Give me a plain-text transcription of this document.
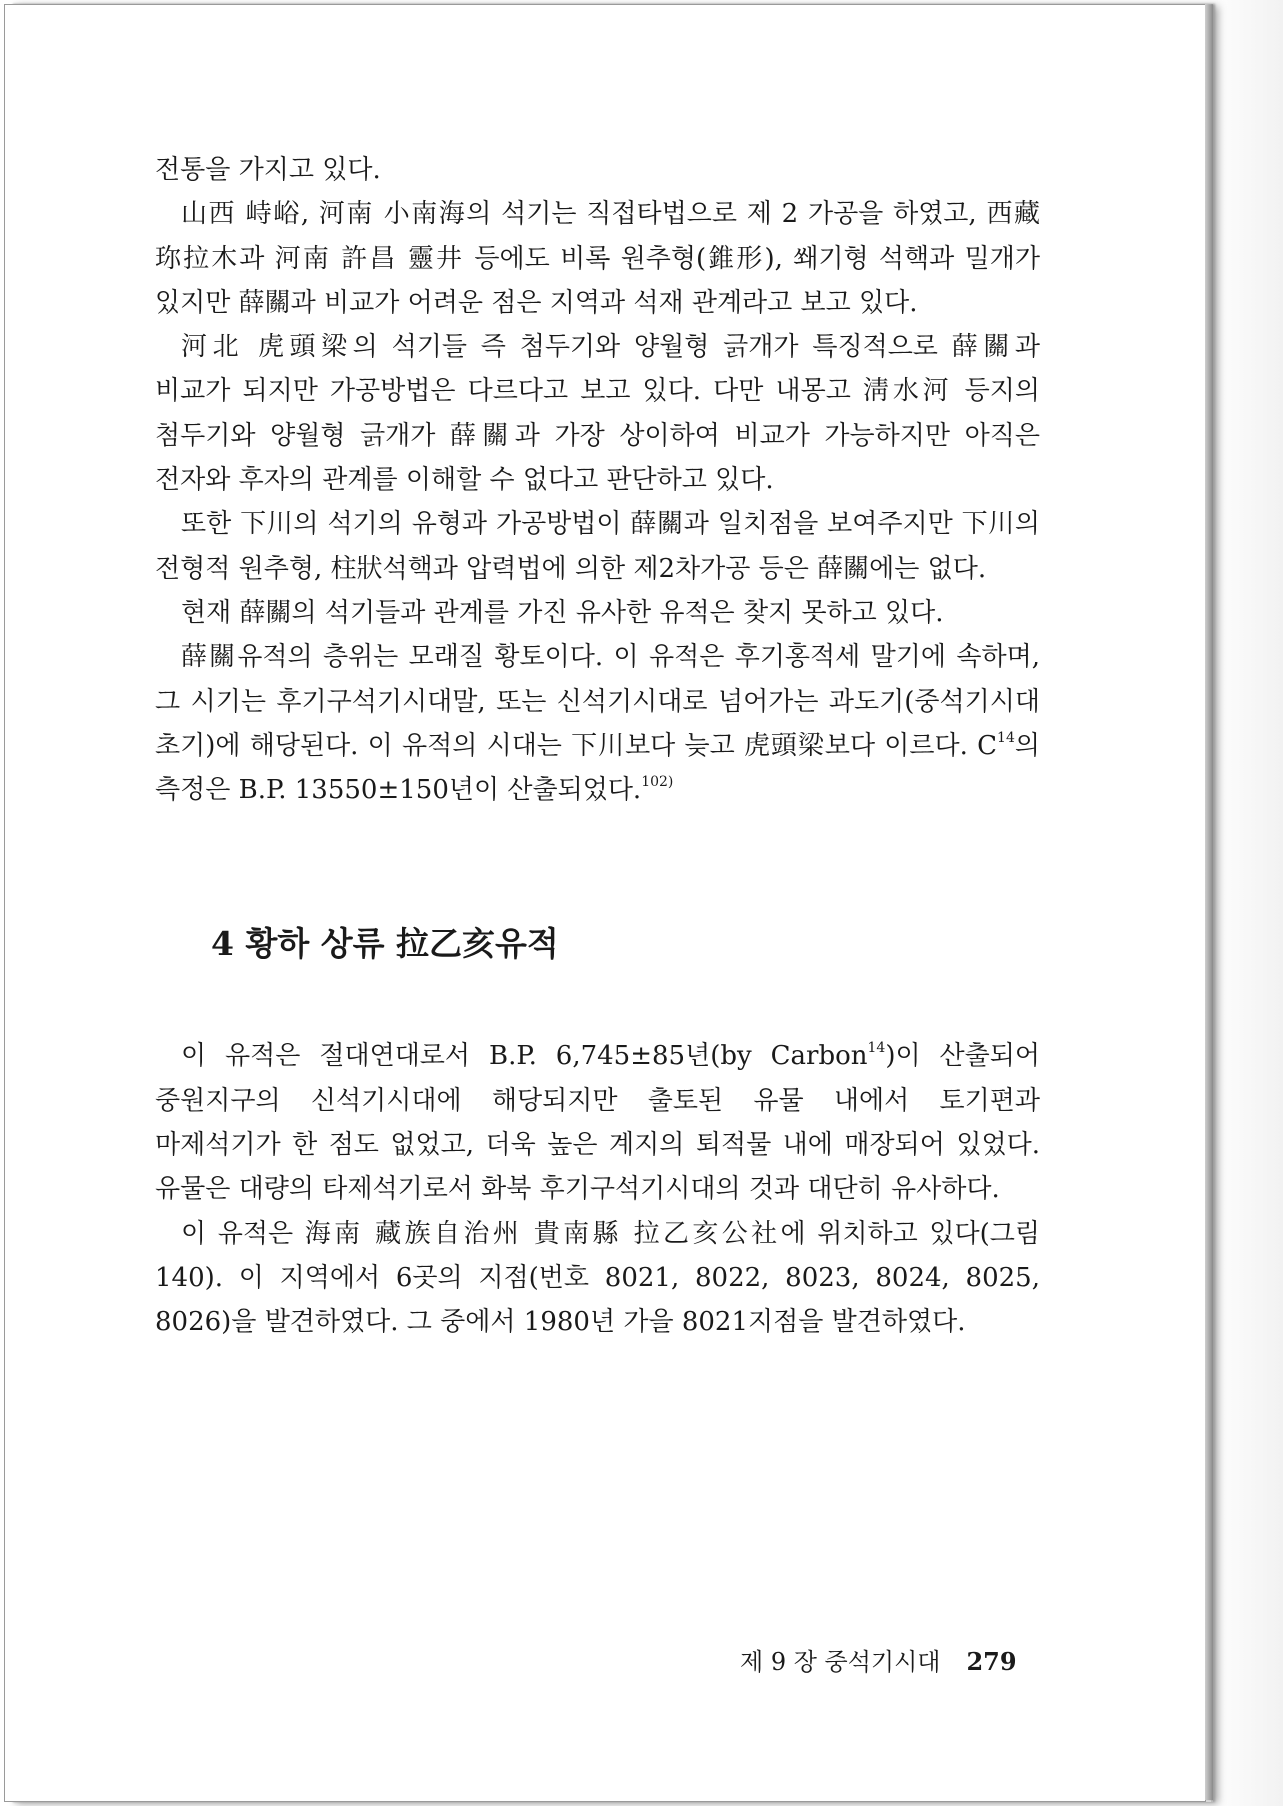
전통을 가지고 있다.

山西 峙峪, 河南 小南海의 석기는 직접타법으로 제 2 가공을 하였고, 西藏 珎拉木과 河南 許昌 靈井 등에도 비록 원추형(錐形), 쐐기형 석핵과 밀개가 있지만 薛關과 비교가 어려운 점은 지역과 석재 관계라고 보고 있다.

河北 虎頭梁의 석기들 즉 첨두기와 양월형 긁개가 특징적으로 薛關과 비교가 되지만 가공방법은 다르다고 보고 있다. 다만 내몽고 淸水河 등지의 첨두기와 양월형 긁개가 薛關과 가장 상이하여 비교가 가능하지만 아직은 전자와 후자의 관계를 이해할 수 없다고 판단하고 있다.

또한 下川의 석기의 유형과 가공방법이 薛關과 일치점을 보여주지만 下川의 전형적 원추형, 柱狀석핵과 압력법에 의한 제2차가공 등은 薛關에는 없다.

현재 薛關의 석기들과 관계를 가진 유사한 유적은 찾지 못하고 있다.

薛關유적의 층위는 모래질 황토이다. 이 유적은 후기홍적세 말기에 속하며, 그 시기는 후기구석기시대말, 또는 신석기시대로 넘어가는 과도기(중석기시대 초기)에 해당된다. 이 유적의 시대는 下川보다 늦고 虎頭梁보다 이르다. $C^{14}$의 측정은 B.P. 13550±150년이 산출되었다.$^{102)}$

4 황하 상류 拉乙亥유적

이 유적은 절대연대로서 B.P. 6,745±85년(by Carbon$^{14}$)이 산출되어 중원지구의 신석기시대에 해당되지만 출토된 유물 내에서 토기편과 마제석기가 한 점도 없었고, 더욱 높은 계지의 퇴적물 내에 매장되어 있었다. 유물은 대량의 타제석기로서 화북 후기구석기시대의 것과 대단히 유사하다.

이 유적은 海南 藏族自治州 貴南縣 拉乙亥公社에 위치하고 있다(그림 140). 이 지역에서 6곳의 지점(번호 8021, 8022, 8023, 8024, 8025, 8026)을 발견하였다. 그 중에서 1980년 가을 8021지점을 발견하였다.

제 9 장 중석기시대 279
